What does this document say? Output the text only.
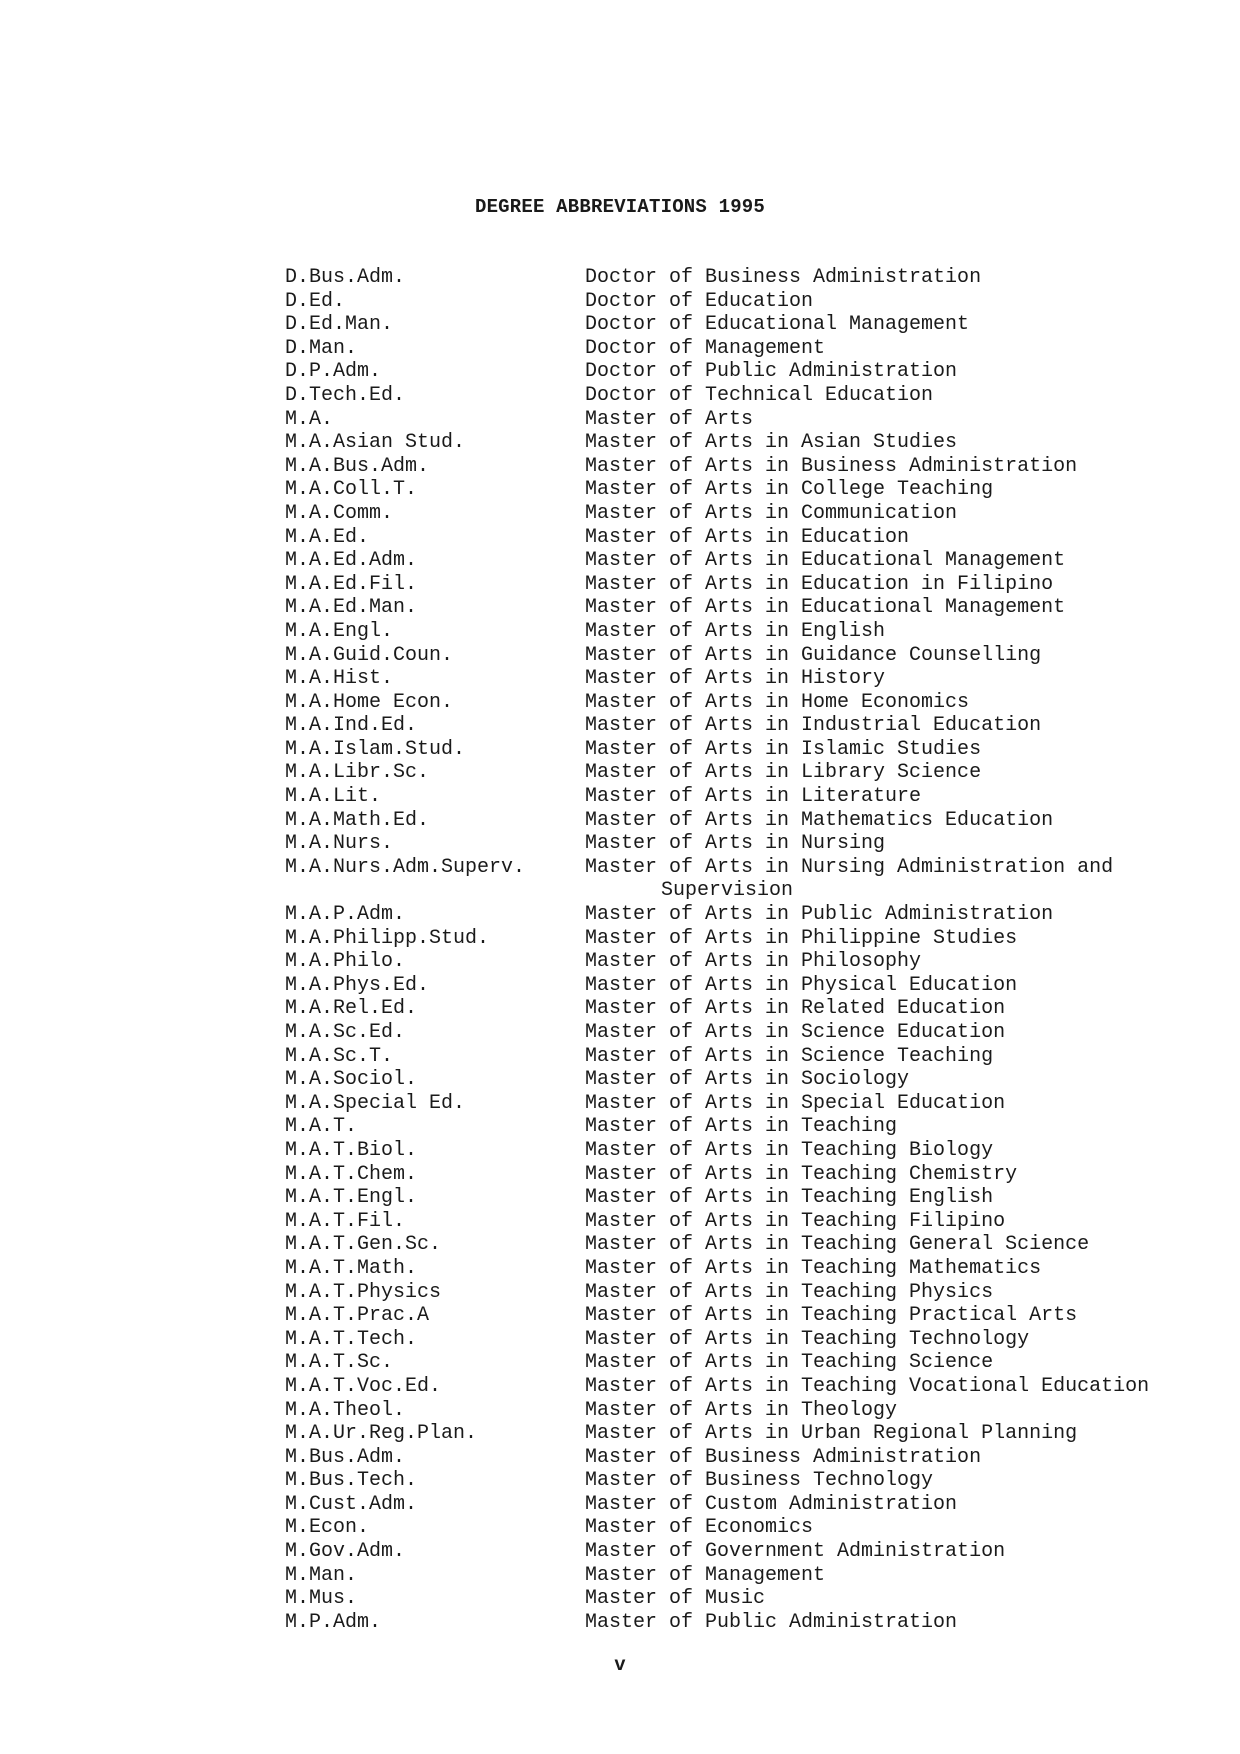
DEGREE ABBREVIATIONS 1995
D.Bus.Adm.	Doctor of Business Administration
D.Ed.	Doctor of Education
D.Ed.Man.	Doctor of Educational Management
D.Man.	Doctor of Management
D.P.Adm.	Doctor of Public Administration
D.Tech.Ed.	Doctor of Technical Education
M.A.	Master of Arts
M.A.Asian Stud.	Master of Arts in Asian Studies
M.A.Bus.Adm.	Master of Arts in Business Administration
M.A.Coll.T.	Master of Arts in College Teaching
M.A.Comm.	Master of Arts in Communication
M.A.Ed.	Master of Arts in Education
M.A.Ed.Adm.	Master of Arts in Educational Management
M.A.Ed.Fil.	Master of Arts in Education in Filipino
M.A.Ed.Man.	Master of Arts in Educational Management
M.A.Engl.	Master of Arts in English
M.A.Guid.Coun.	Master of Arts in Guidance Counselling
M.A.Hist.	Master of Arts in History
M.A.Home Econ.	Master of Arts in Home Economics
M.A.Ind.Ed.	Master of Arts in Industrial Education
M.A.Islam.Stud.	Master of Arts in Islamic Studies
M.A.Libr.Sc.	Master of Arts in Library Science
M.A.Lit.	Master of Arts in Literature
M.A.Math.Ed.	Master of Arts in Mathematics Education
M.A.Nurs.	Master of Arts in Nursing
M.A.Nurs.Adm.Superv.	Master of Arts in Nursing Administration and
Supervision
M.A.P.Adm.	Master of Arts in Public Administration
M.A.Philipp.Stud.	Master of Arts in Philippine Studies
M.A.Philo.	Master of Arts in Philosophy
M.A.Phys.Ed.	Master of Arts in Physical Education
M.A.Rel.Ed.	Master of Arts in Related Education
M.A.Sc.Ed.	Master of Arts in Science Education
M.A.Sc.T.	Master of Arts in Science Teaching
M.A.Sociol.	Master of Arts in Sociology
M.A.Special Ed.	Master of Arts in Special Education
M.A.T.	Master of Arts in Teaching
M.A.T.Biol.	Master of Arts in Teaching Biology
M.A.T.Chem.	Master of Arts in Teaching Chemistry
M.A.T.Engl.	Master of Arts in Teaching English
M.A.T.Fil.	Master of Arts in Teaching Filipino
M.A.T.Gen.Sc.	Master of Arts in Teaching General Science
M.A.T.Math.	Master of Arts in Teaching Mathematics
M.A.T.Physics	Master of Arts in Teaching Physics
M.A.T.Prac.A	Master of Arts in Teaching Practical Arts
M.A.T.Tech.	Master of Arts in Teaching Technology
M.A.T.Sc.	Master of Arts in Teaching Science
M.A.T.Voc.Ed.	Master of Arts in Teaching Vocational Education
M.A.Theol.	Master of Arts in Theology
M.A.Ur.Reg.Plan.	Master of Arts in Urban Regional Planning
M.Bus.Adm.	Master of Business Administration
M.Bus.Tech.	Master of Business Technology
M.Cust.Adm.	Master of Custom Administration
M.Econ.	Master of Economics
M.Gov.Adm.	Master of Government Administration
M.Man.	Master of Management
M.Mus.	Master of Music
M.P.Adm.	Master of Public Administration
v
